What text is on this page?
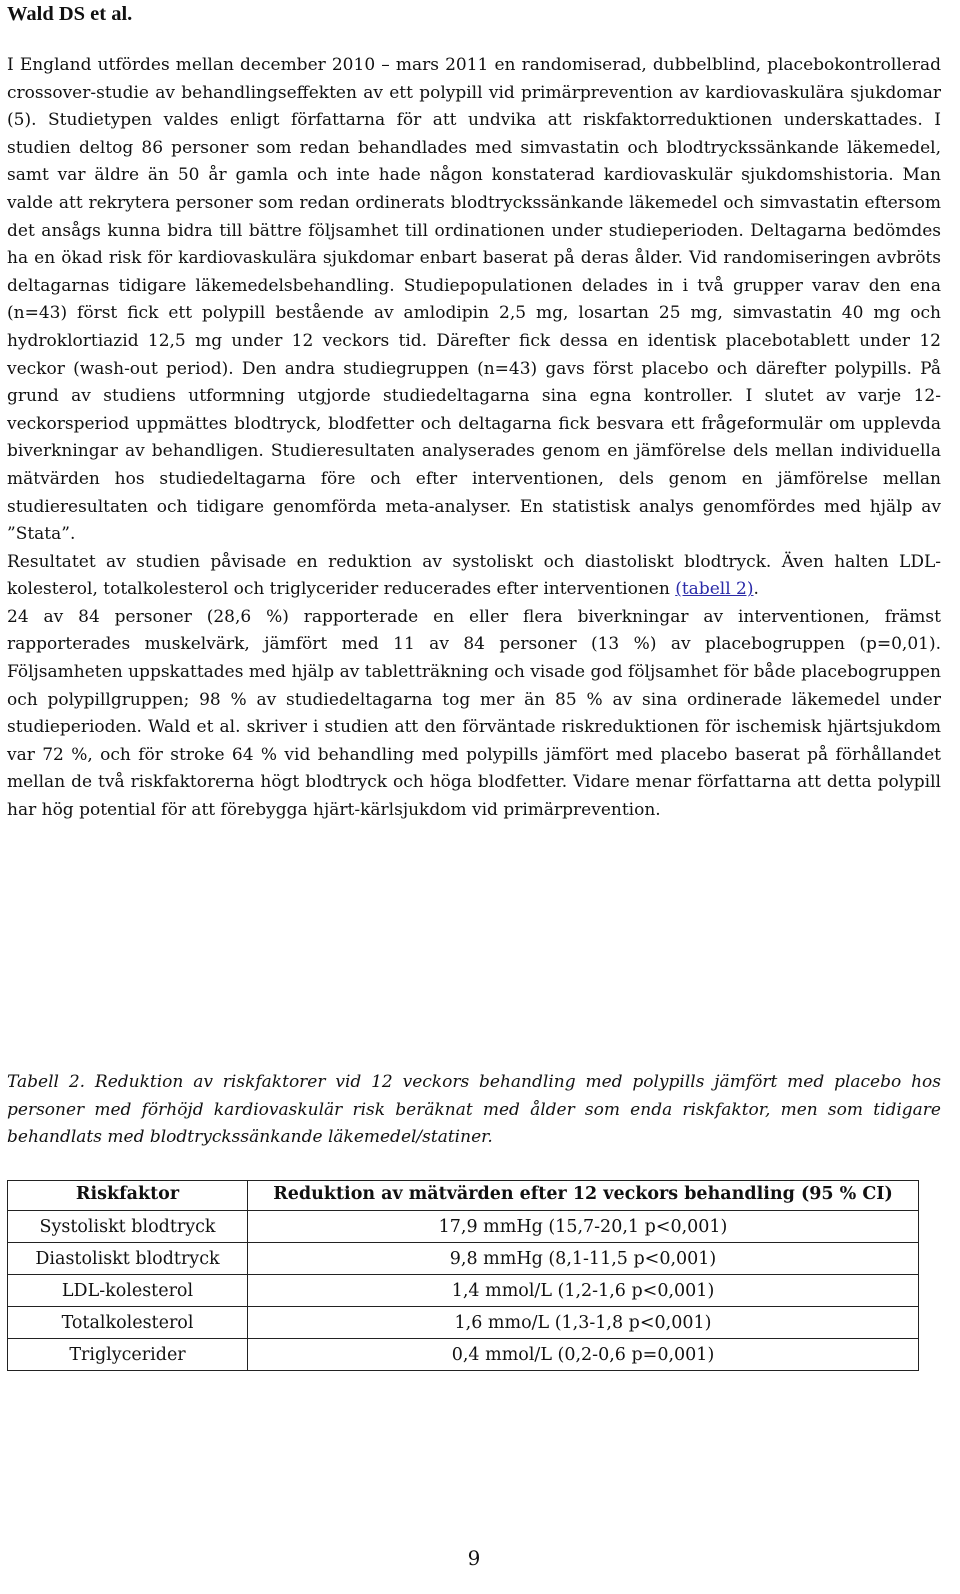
Wald DS et al.

I England utfördes mellan december 2010 – mars 2011 en randomiserad, dubbelblind, placebokontrollerad crossover-studie av behandlingseffekten av ett polypill vid primärprevention av kardiovaskulära sjukdomar (5). Studietypen valdes enligt författarna för att undvika att riskfaktorreduktionen underskattades. I studien deltog 86 personer som redan behandlades med simvastatin och blodtryckssänkande läkemedel, samt var äldre än 50 år gamla och inte hade någon konstaterad kardiovaskulär sjukdomshistoria. Man valde att rekrytera personer som redan ordinerats blodtryckssänkande läkemedel och simvastatin eftersom det ansågs kunna bidra till bättre följsamhet till ordinationen under studieperioden. Deltagarna bedömdes ha en ökad risk för kardiovaskulära sjukdomar enbart baserat på deras ålder. Vid randomiseringen avbröts deltagarnas tidigare läkemedelsbehandling. Studiepopulationen delades in i två grupper varav den ena (n=43) först fick ett polypill bestående av amlodipin 2,5 mg, losartan 25 mg, simvastatin 40 mg och hydroklortiazid 12,5 mg under 12 veckors tid. Därefter fick dessa en identisk placebotablett under 12 veckor (wash-out period). Den andra studiegruppen (n=43) gavs först placebo och därefter polypills. På grund av studiens utformning utgjorde studiedeltagarna sina egna kontroller. I slutet av varje 12-veckorsperiod uppmättes blodtryck, blodfetter och deltagarna fick besvara ett frågeformulär om upplevda biverkningar av behandligen. Studieresultaten analyserades genom en jämförelse dels mellan individuella mätvärden hos studiedeltagarna före och efter interventionen, dels genom en jämförelse mellan studieresultaten och tidigare genomförda meta-analyser. En statistisk analys genomfördes med hjälp av ”Stata”.

Resultatet av studien påvisade en reduktion av systoliskt och diastoliskt blodtryck. Även halten LDL-kolesterol, totalkolesterol och triglycerider reducerades efter interventionen (tabell 2).

24 av 84 personer (28,6 %) rapporterade en eller flera biverkningar av interventionen, främst rapporterades muskelvärk, jämfört med 11 av 84 personer (13 %) av placebogruppen (p=0,01). Följsamheten uppskattades med hjälp av tabletträkning och visade god följsamhet för både placebogruppen och polypillgruppen; 98 % av studiedeltagarna tog mer än 85 % av sina ordinerade läkemedel under studieperioden. Wald et al. skriver i studien att den förväntade riskreduktionen för ischemisk hjärtsjukdom var 72 %, och för stroke 64 % vid behandling med polypills jämfört med placebo baserat på förhållandet mellan de två riskfaktorerna högt blodtryck och höga blodfetter. Vidare menar författarna att detta polypill har hög potential för att förebygga hjärt-kärlsjukdom vid primärprevention.

Tabell 2. Reduktion av riskfaktorer vid 12 veckors behandling med polypills jämfört med placebo hos personer med förhöjd kardiovaskulär risk beräknat med ålder som enda riskfaktor, men som tidigare behandlats med blodtryckssänkande läkemedel/statiner.
Riskfaktor	Reduktion av mätvärden efter 12 veckors behandling (95 % CI)
Systoliskt blodtryck	17,9 mmHg (15,7-20,1 p<0,001)
Diastoliskt blodtryck	9,8 mmHg (8,1-11,5 p<0,001)
LDL-kolesterol	1,4 mmol/L (1,2-1,6 p<0,001)
Totalkolesterol	1,6 mmo/L (1,3-1,8 p<0,001)
Triglycerider	0,4 mmol/L (0,2-0,6 p=0,001)
9
